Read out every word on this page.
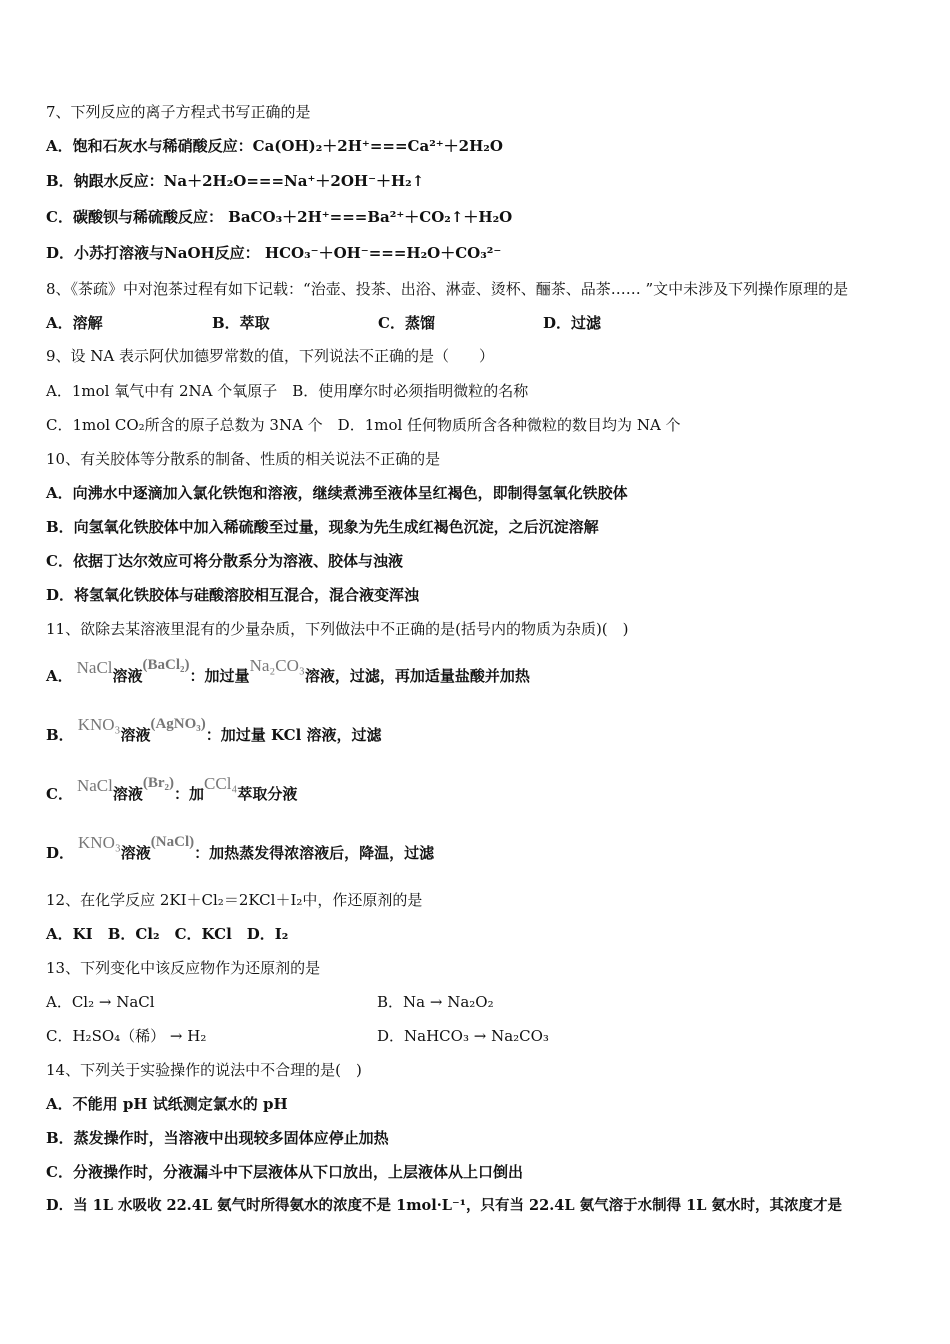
7、下列反应的离子方程式书写正确的是
A．饱和石灰水与稀硝酸反应：Ca(OH)₂＋2H⁺===Ca²⁺＋2H₂O
B．钠跟水反应：Na＋2H₂O===Na⁺＋2OH⁻＋H₂↑
C．碳酸钡与稀硫酸反应： BaCO₃＋2H⁺===Ba²⁺＋CO₂↑＋H₂O
D．小苏打溶液与NaOH反应： HCO₃⁻＋OH⁻===H₂O＋CO₃²⁻
8、《茶疏》中对泡茶过程有如下记载：“治壶、投茶、出浴、淋壶、烫杯、酾茶、品茶…… ”文中未涉及下列操作原理的是
A．溶解	B．萃取	C．蒸馏	D．过滤
9、设 NA 表示阿伏加德罗常数的值，下列说法不正确的是（　　）
A．1mol 氧气中有 2NA 个氧原子　B．使用摩尔时必须指明微粒的名称
C．1mol CO₂所含的原子总数为 3NA 个　D．1mol 任何物质所含各种微粒的数目均为 NA 个
10、有关胶体等分散系的制备、性质的相关说法不正确的是
A．向沸水中逐滴加入氯化铁饱和溶液，继续煮沸至液体呈红褐色，即制得氢氧化铁胶体
B．向氢氧化铁胶体中加入稀硫酸至过量，现象为先生成红褐色沉淀，之后沉淀溶解
C．依据丁达尔效应可将分散系分为溶液、胶体与浊液
D．将氢氧化铁胶体与硅酸溶胶相互混合，混合液变浑浊
11、欲除去某溶液里混有的少量杂质，下列做法中不正确的是(括号内的物质为杂质)(　)
A． NaCl溶液(BaCl₂)：加过量Na₂CO₃溶液，过滤，再加适量盐酸并加热
B．KNO₃溶液(AgNO₃)：加过量 KCl 溶液，过滤
C． NaCl溶液(Br₂)：加CCl₄萃取分液
D．KNO₃溶液(NaCl)：加热蒸发得浓溶液后，降温，过滤
12、在化学反应 2KI＋Cl₂＝2KCl＋I₂中，作还原剂的是
A．KI　B．Cl₂　C．KCl　D．I₂
13、下列变化中该反应物作为还原剂的是
A．Cl₂ → NaCl	B．Na → Na₂O₂
C．H₂SO₄（稀） → H₂	D．NaHCO₃ → Na₂CO₃
14、下列关于实验操作的说法中不合理的是(　)
A．不能用 pH 试纸测定氯水的 pH
B．蒸发操作时，当溶液中出现较多固体应停止加热
C．分液操作时，分液漏斗中下层液体从下口放出，上层液体从上口倒出
D．当 1L 水吸收 22.4L 氨气时所得氨水的浓度不是 1mol·L⁻¹，只有当 22.4L 氨气溶于水制得 1L 氨水时，其浓度才是
